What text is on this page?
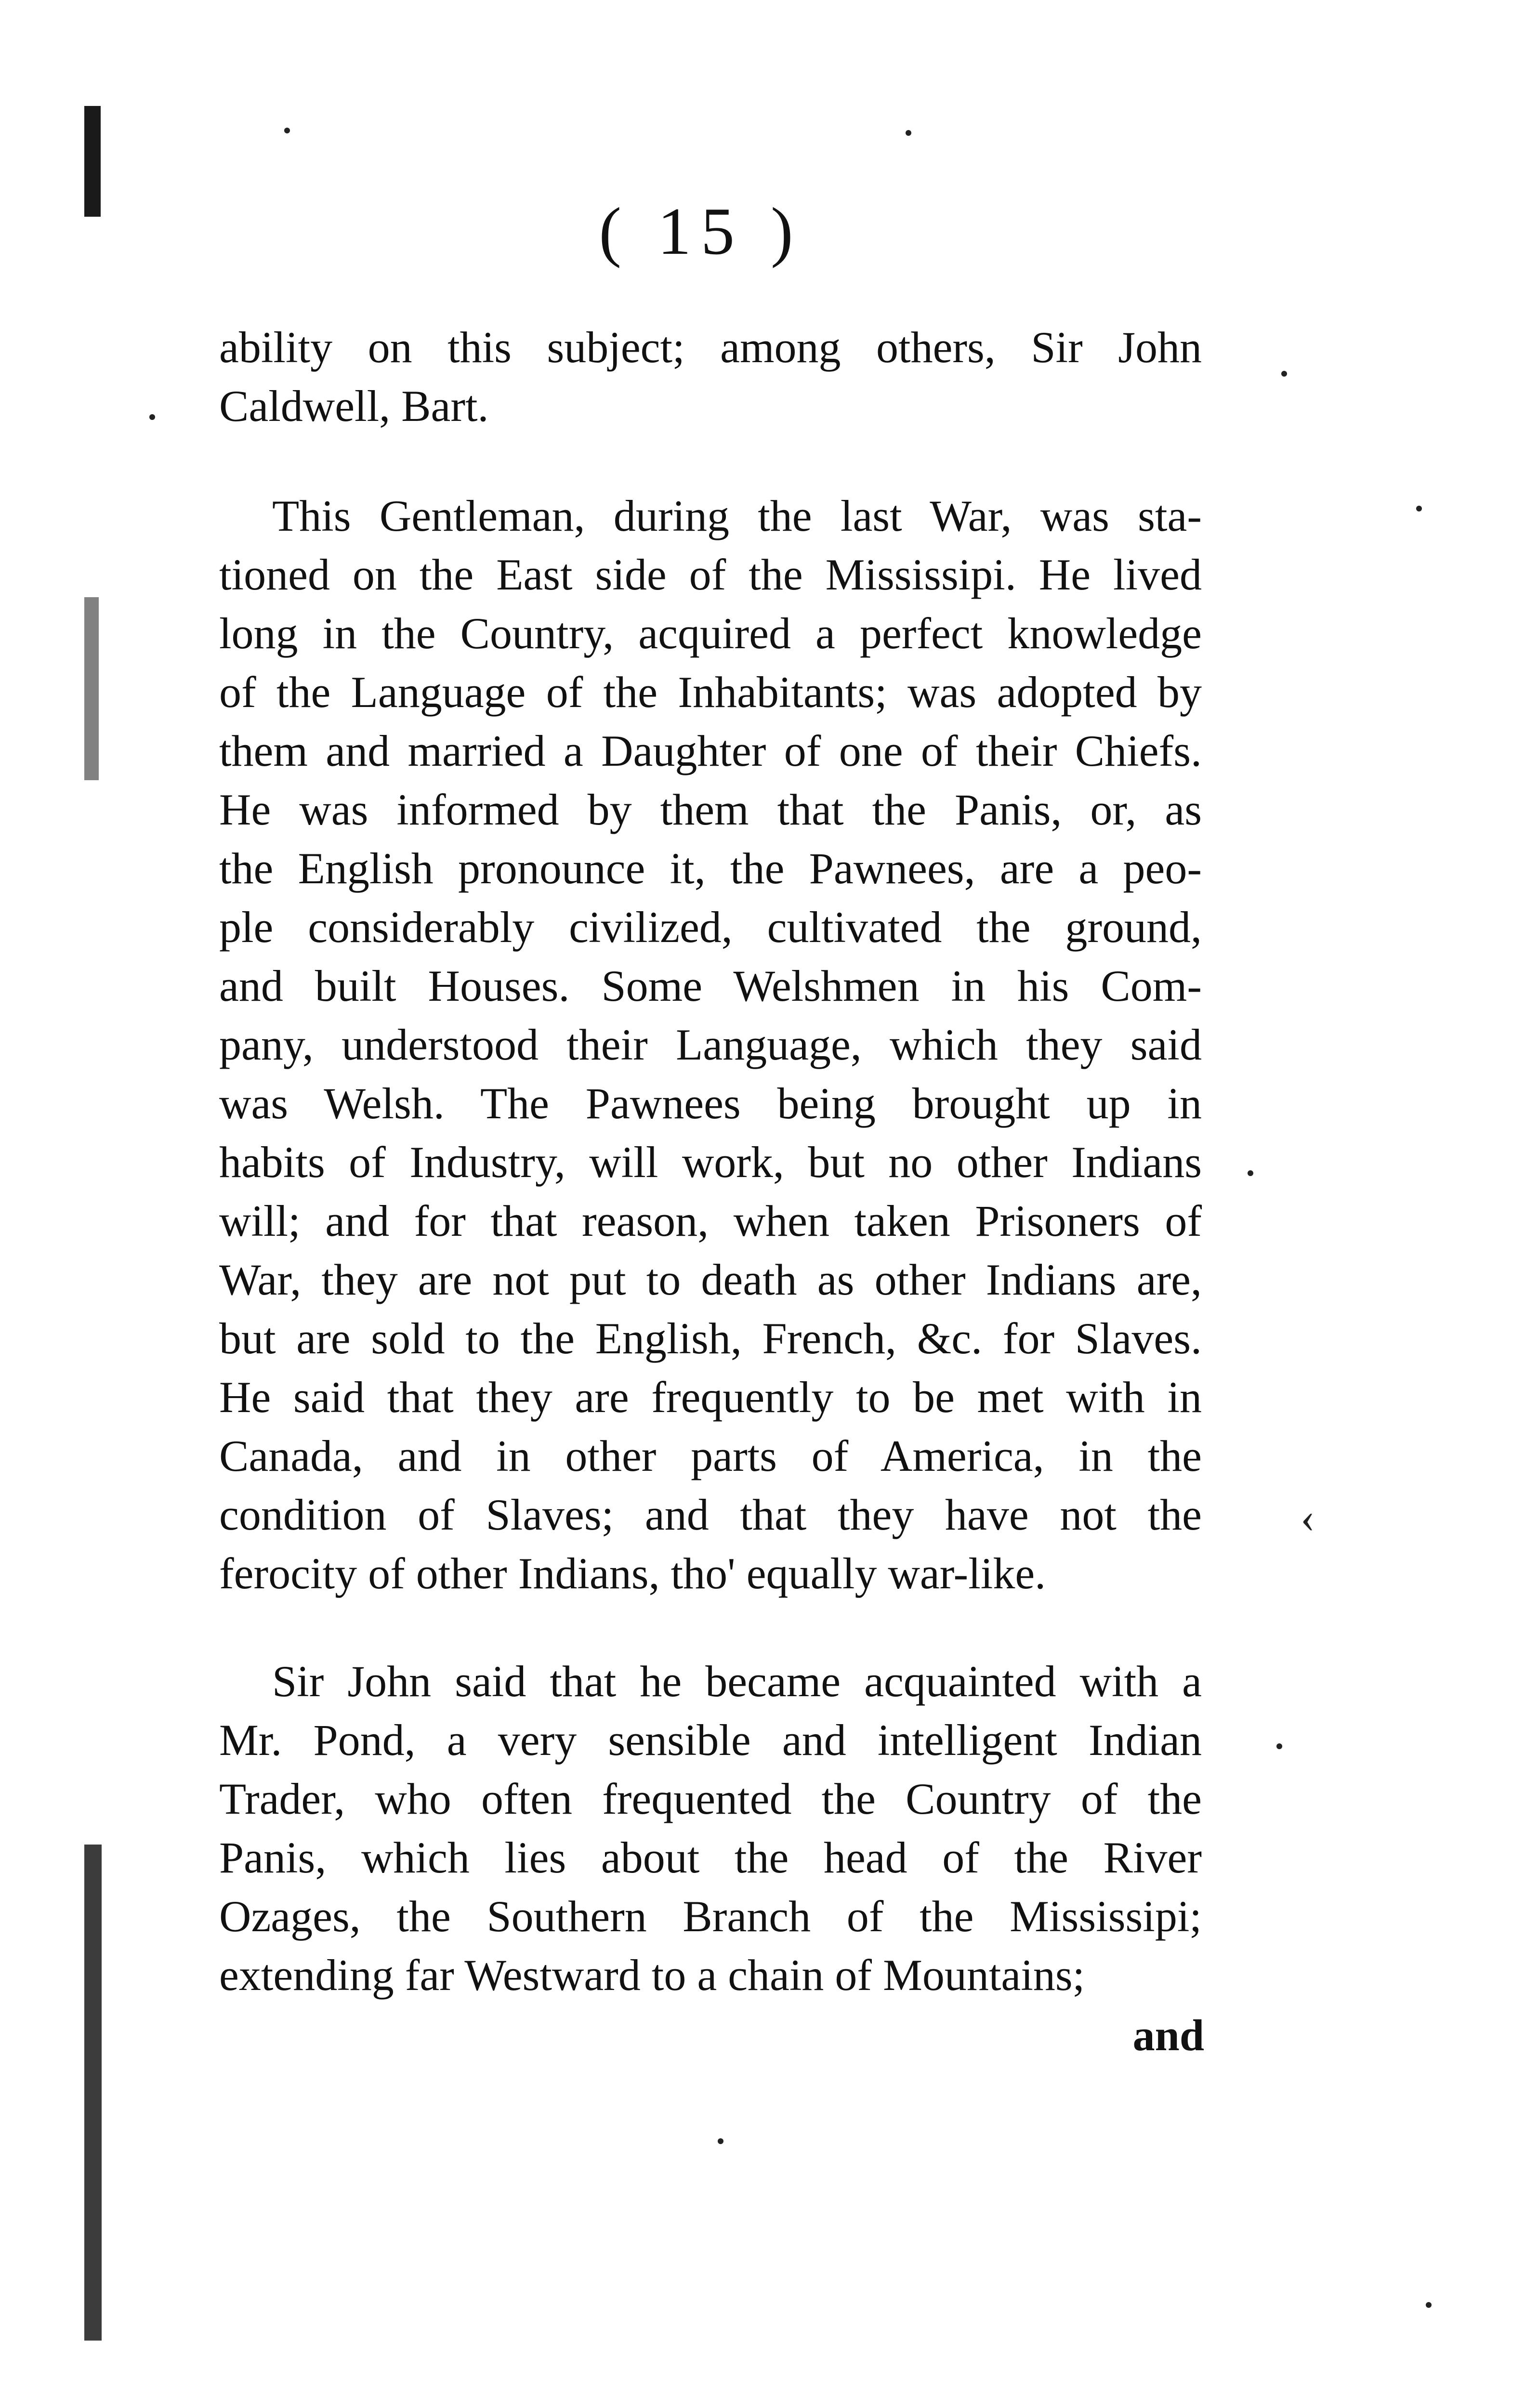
( 15 )
ability on this subject; among others, Sir John
Caldwell, Bart.
This Gentleman, during the last War, was sta-
tioned on the East side of the Mississipi. He lived
long in the Country, acquired a perfect knowledge
of the Language of the Inhabitants; was adopted by
them and married a Daughter of one of their Chiefs.
He was informed by them that the Panis, or, as
the English pronounce it, the Pawnees, are a peo-
ple considerably civilized, cultivated the ground,
and built Houses. Some Welshmen in his Com-
pany, understood their Language, which they said
was Welsh. The Pawnees being brought up in
habits of Industry, will work, but no other Indians
will; and for that reason, when taken Prisoners of
War, they are not put to death as other Indians are,
but are sold to the English, French, &c. for Slaves.
He said that they are frequently to be met with in
Canada, and in other parts of America, in the
condition of Slaves; and that they have not the
ferocity of other Indians, tho' equally war-like.
Sir John said that he became acquainted with a
Mr. Pond, a very sensible and intelligent Indian
Trader, who often frequented the Country of the
Panis, which lies about the head of the River
Ozages, the Southern Branch of the Mississipi;
extending far Westward to a chain of Mountains;
and
‹
